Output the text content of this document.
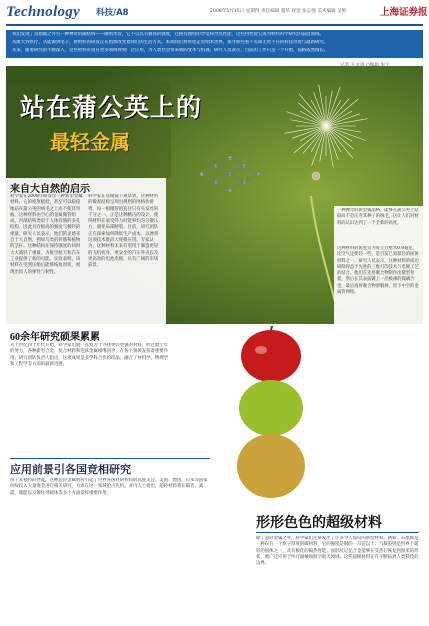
Technology 科技/A8	2008年5月15日 星期四 责任编辑 董华 视觉 张志强 美术编辑 吴艳	上海证券报
我们发现了富勒烯之外另一种神奇的碳结构——碳纳米管，它不仅具有极高的强度，还拥有独特的导电和导热性能，这些特性使它成为材料科学研究的前沿领域。
从航天到医疗，从能源到电子，新材料的研发正在悄然改变着我们的生活方式。本期我们将带您走进纳米世界，探寻那些看不见却无处不在的科技奇迹与最新研究。
未来，随着研究的不断深入，这些材料有望在更多领域得到广泛应用，为人类社会带来新的变革与机遇。研究人员表示，目前的工作只是一个开始，前路依然漫长。
站在蒲公英上的
最轻金属
来自大自然的启示
科学家在2008年研发出一种新型金属材料，它的密度极低，甚至可以稳稳地站在蒲公英的绒毛之上而不使其弯曲。这种材料由空心的金属微管组成，内部结构类似于人体骨骼的多孔结构，因此具有极高的强度与极轻的重量。研究人员表示，他们的灵感来自于大自然，例如鸟类的骨骼和植物的茎秆。这种结构在保持强度的同时大大减轻了重量，为航空航天和汽车工业提供了新的可能。实验表明，该材料在受到压缩后能够恢复原状，展现出惊人的弹性与韧性。
科学家在显微镜下观察到，这种材料的微观结构呈现出规则的网格状排列，每一根微管的直径只有头发丝的千分之一。正是这种精巧的设计，使得材料在承受外力时能够均匀分散压力，避免局部断裂。目前，研究团队正在探索如何降低生产成本，以便将这项技术推向大规模应用。专家认为，这种材料未来有望用于制造更轻的飞机机身、更安全的汽车外壳以及更高效的电池电极，具有广阔的市场前景。
一种神奇的新金属晶格，能够在蒲公英上站稳而不会压弯其种子的绒毛，这让人们对材料的认识达到了一个全新的高度。
这种材料的密度仅为每立方厘米0.9毫克，比空气还要轻一些，是目前已知最轻的固体材料之一。研究人员表示，这种材料的成功研制得益于先进的三维打印技术与电镀工艺的结合。他们首先用聚合物制作出微型骨架，然后在其表面镀上一层极薄的镍磷合金，最后再将聚合物溶解掉，留下中空的金属管网络。
60余年研究硕果累累
从上世纪四十年代开始，科学家们就一直致力于寻找更轻更强的材料。经过数十年的努力，各种新型合金、复合材料和泡沫金属相继问世，在各个领域发挥着重要作用。研究团队负责人指出，这项成果是多学科合作的结晶，融合了材料学、物理学和工程学等方面的最新进展。
应用前景引各国竞相研究
由于其独特的性能，这种超轻金属材料引起了世界各国科研机构的高度关注。美国、德国、日本等国家纷纷投入大量资金进行相关研究，力求在这一领域抢占先机。业内人士指出，超轻材料将在隔音、减震、储能以及催化剂载体等多个方面发挥重要作用。
形形色色的超级材料
除了超轻金属之外，科学家们还研发出了许多令人惊叹的新型材料。例如，石墨烯是一种仅有一个原子厚度的碳材料，它的强度是钢的一百倍以上；气凝胶则是世界上最轻的固体之一，具有极佳的隔热性能；而形状记忆合金能够在受热后恢复到原来的形状，被广泛应用于医疗器械和航空航天领域。这些超级材料正在不断拓展人类科技的边界。
